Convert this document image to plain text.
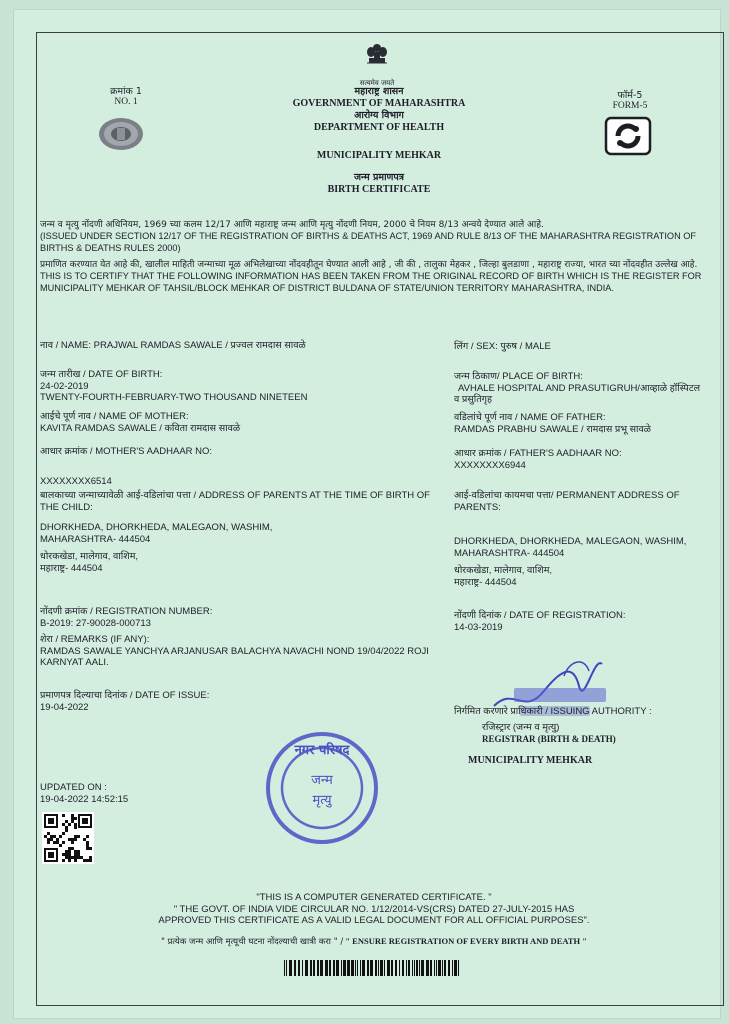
सत्यमेव जयते
महाराष्ट्र शासन
GOVERNMENT OF MAHARASHTRA
आरोग्य विभाग
DEPARTMENT OF HEALTH
क्रमांक 1
NO. 1
फॉर्म-5
FORM-5
MUNICIPALITY MEHKAR
जन्म प्रमाणपत्र
BIRTH CERTIFICATE
जन्म व मृत्यु नोंदणी अधिनियम, 1969 च्या कलम 12/17 आणि महाराष्ट्र जन्म आणि मृत्यु नोंदणी नियम, 2000 चे नियम 8/13 अन्वये देण्यात आले आहे.
(ISSUED UNDER SECTION 12/17 OF THE REGISTRATION OF BIRTHS & DEATHS ACT, 1969 AND RULE 8/13 OF THE MAHARASHTRA REGISTRATION OF BIRTHS & DEATHS RULES 2000)
प्रमाणित करण्यात येत आहे की, खालील माहिती जन्माच्या मूळ अभिलेखाच्या नोंदवहीतून घेण्यात आली आहे , जी की , तालुका मेहकर , जिल्हा बुलडाणा , महाराष्ट्र राज्या, भारत च्या नोंदवहीत उल्लेख आहे.
THIS IS TO CERTIFY THAT THE FOLLOWING INFORMATION HAS BEEN TAKEN FROM THE ORIGINAL RECORD OF BIRTH WHICH IS THE REGISTER FOR MUNICIPALITY MEHKAR OF TAHSIL/BLOCK MEHKAR OF DISTRICT BULDANA OF STATE/UNION TERRITORY MAHARASHTRA, INDIA.
नाव / NAME: PRAJWAL RAMDAS SAWALE / प्रज्वल रामदास सावळे
जन्म तारीख / DATE OF BIRTH:
24-02-2019
TWENTY-FOURTH-FEBRUARY-TWO THOUSAND NINETEEN
आईचे पूर्ण नाव / NAME OF MOTHER:
KAVITA RAMDAS SAWALE / कविता रामदास सावळे
आधार क्रमांक / MOTHER'S AADHAAR NO:
XXXXXXXX6514
बालकाच्या जन्माच्यावेळी आई-वडिलांचा पत्ता / ADDRESS OF PARENTS AT THE TIME OF BIRTH OF THE CHILD:
DHORKHEDA, DHORKHEDA, MALEGAON, WASHIM,
MAHARASHTRA- 444504
धोरकखेडा, मालेगाव, वाशिम,
महाराष्ट्र- 444504
नोंदणी क्रमांक / REGISTRATION NUMBER:
B-2019: 27-90028-000713
शेरा / REMARKS (IF ANY):
RAMDAS SAWALE YANCHYA ARJANUSAR BALACHYA NAVACHI NOND 19/04/2022 ROJI KARNYAT AALI.
प्रमाणपत्र दिल्याचा दिनांक / DATE OF ISSUE:
19-04-2022
लिंग / SEX: पुरुष / MALE
जन्म ठिकाण/ PLACE OF BIRTH:
AVHALE HOSPITAL AND PRASUTIGRUH/आव्हाळे हॉस्पिटल
व प्रसुतिगृह
वडिलांचे पूर्ण नाव / NAME OF FATHER:
RAMDAS PRABHU SAWALE / रामदास प्रभू सावळे
आधार क्रमांक / FATHER'S AADHAAR NO:
XXXXXXXX6944
आई-वडिलांचा कायमचा पत्ता/ PERMANENT ADDRESS OF PARENTS:
DHORKHEDA, DHORKHEDA, MALEGAON, WASHIM,
MAHARASHTRA- 444504
धोरकखेडा, मालेगाव, वाशिम,
महाराष्ट्र- 444504
नोंदणी दिनांक / DATE OF REGISTRATION:
14-03-2019
निर्गमित करणारे प्राधिकारी / ISSUING AUTHORITY :
रजिस्ट्रार (जन्म व मृत्यु)
REGISTRAR (BIRTH & DEATH)
MUNICIPALITY MEHKAR
नगर परिषद
जन्म
मृत्यु
UPDATED ON :
19-04-2022 14:52:15
"THIS IS A COMPUTER GENERATED CERTIFICATE. "
" THE GOVT. OF INDIA VIDE CIRCULAR NO. 1/12/2014-VS(CRS) DATED 27-JULY-2015 HAS
APPROVED THIS CERTIFICATE AS A VALID LEGAL DOCUMENT FOR ALL OFFICIAL PURPOSES".
" प्रत्येक जन्म आणि मृत्यूची घटना नोंदल्याची खात्री करा " / " ENSURE REGISTRATION OF EVERY BIRTH AND DEATH "
